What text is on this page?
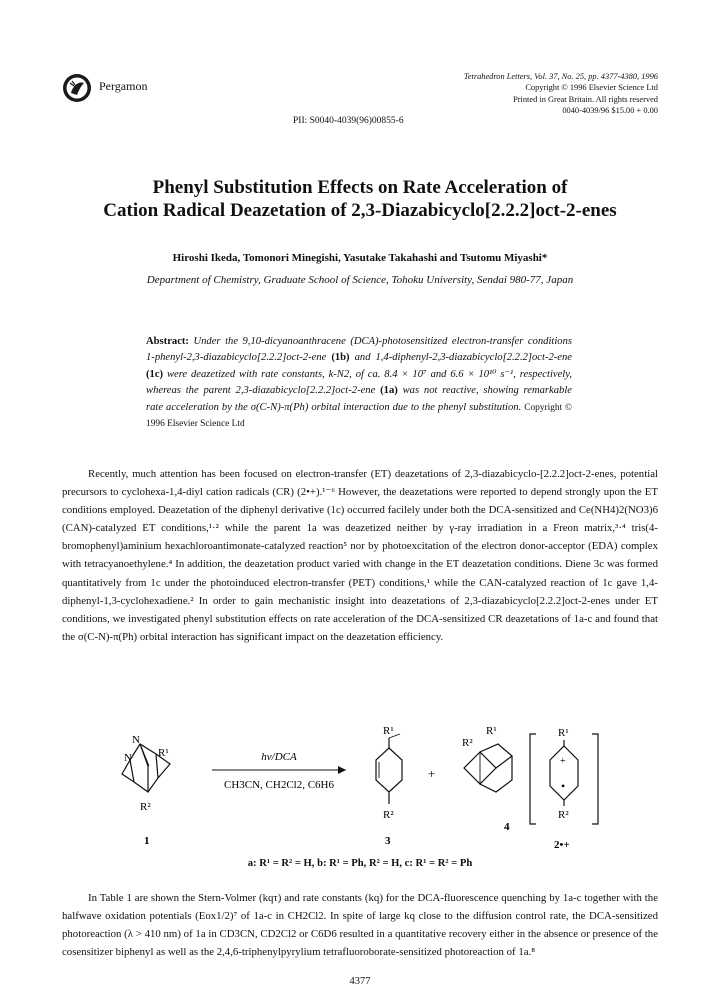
Pergamon
Tetrahedron Letters, Vol. 37, No. 25, pp. 4377-4380, 1996
Copyright © 1996 Elsevier Science Ltd
Printed in Great Britain. All rights reserved
0040-4039/96 $15.00 + 0.00
PII: S0040-4039(96)00855-6
Phenyl Substitution Effects on Rate Acceleration of
Cation Radical Deazetation of 2,3-Diazabicyclo[2.2.2]oct-2-enes
Hiroshi Ikeda, Tomonori Minegishi, Yasutake Takahashi and Tsutomu Miyashi*
Department of Chemistry, Graduate School of Science, Tohoku University, Sendai 980-77, Japan
Abstract: Under the 9,10-dicyanoanthracene (DCA)-photosensitized electron-transfer conditions 1-phenyl-2,3-diazabicyclo[2.2.2]oct-2-ene (1b) and 1,4-diphenyl-2,3-diazabicyclo[2.2.2]oct-2-ene (1c) were deazetized with rate constants, k-N2, of ca. 8.4 × 10⁷ and 6.6 × 10¹⁰ s⁻¹, respectively, whereas the parent 2,3-diazabicyclo[2.2.2]oct-2-ene (1a) was not reactive, showing remarkable rate acceleration by the σ(C-N)-π(Ph) orbital interaction due to the phenyl substitution. Copyright © 1996 Elsevier Science Ltd

Recently, much attention has been focused on electron-transfer (ET) deazetations of 2,3-diazabicyclo-[2.2.2]oct-2-enes, potential precursors to cyclohexa-1,4-diyl cation radicals (CR) (2•+).¹⁻⁶ However, the deazetations were reported to depend strongly upon the ET conditions employed. Deazetation of the diphenyl derivative (1c) occurred facilely under both the DCA-sensitized and Ce(NH4)2(NO3)6 (CAN)-catalyzed ET conditions,¹·² while the parent 1a was deazetized neither by γ-ray irradiation in a Freon matrix,³·⁴ tris(4-bromophenyl)aminium hexachloroantimonate-catalyzed reaction⁵ nor by photoexcitation of the electron donor-acceptor (EDA) complex with tetracyanoethylene.⁴ In addition, the deazetation product varied with change in the ET deazetation conditions. Diene 3c was formed quantitatively from 1c under the photoinduced electron-transfer (PET) conditions,¹ while the CAN-catalyzed reaction of 1c gave 1,4-diphenyl-1,3-cyclohexadiene.² In order to gain mechanistic insight into deazetations of 2,3-diazabicyclo[2.2.2]oct-2-enes under ET conditions, we investigated phenyl substitution effects on rate acceleration of the DCA-sensitized CR deazetations of 1a-c and found that the σ(C-N)-π(Ph) orbital interaction has significant impact on the deazetation efficiency.

N
N R¹
R²
1
hν/DCA
CH3CN, CH2Cl2, C6H6
R¹
R²
3
+
R²
R¹
4
R¹
+
•
R²
2•+
a: R¹ = R² = H, b: R¹ = Ph, R² = H, c: R¹ = R² = Ph

In Table 1 are shown the Stern-Volmer (kqτ) and rate constants (kq) for the DCA-fluorescence quenching by 1a-c together with the halfwave oxidation potentials (Eox1/2)⁷ of 1a-c in CH2Cl2. In spite of large kq close to the diffusion control rate, the DCA-sensitized photoreaction (λ > 410 nm) of 1a in CD3CN, CD2Cl2 or C6D6 resulted in a quantitative recovery either in the absence or presence of the cosensitizer biphenyl as well as the 2,4,6-triphenylpyrylium tetrafluoroborate-sensitized photoreaction of 1a.⁸

4377
